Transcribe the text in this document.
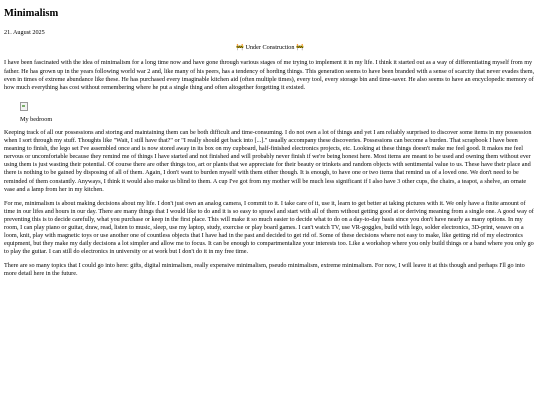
Minimalism
21. August 2025
🚧 Under Construction 🚧

I have been fascinated with the idea of minimalism for a long time now and have gone through various stages of me trying to implement it in my life. I think it started out as a way of differentiating myself from my father. He has grown up in the years following world war 2 and, like many of his peers, has a tendency of hording things. This generation seems to have been branded with a sense of scarcity that never evades them, even in times of extreme abundance like these. He has purchased every imaginable kitchen aid (often multiple times), every tool, every storage bin and time-saver. He also seems to have an encyclopedic memory of how much everything has cost without remembering where he put a single thing and often altogether forgetting it existed.

My bedroom

Keeping track of all our possessions and storing and maintaining them can be both difficult and time-consuming. I do not own a lot of things and yet I am reliably surprised to discover some items in my possession when I sort through my stuff. Thoughts like "Wait, I still have that?" or "I really should get back into [...]." usually accompany these discoveries. Possessions can become a burden. That scrapbook I have been meaning to finish, the lego set I've assembled once and is now stored away in its box on my cupboard, half-finished electronics projects, etc. Looking at these things doesn't make me feel good. It makes me feel nervous or uncomfortable because they remind me of things I have started and not finished and will probably never finish if we're being honest here. Most items are meant to be used and owning them without ever using them is just wasting their potential. Of course there are other things too, art or plants that we appreciate for their beauty or trinkets and random objects with sentimental value to us. These have their place and there is nothing to be gained by disposing of all of them. Again, I don't want to burden myself with them either though. It is enough, to have one or two items that remind us of a loved one. We don't need to be reminded of them constantly. Anyways, I think it would also make us blind to them. A cup I've got from my mother will be much less significant if I also have 3 other cups, the chairs, a teapot, a shelve, an ornate vase and a lamp from her in my kitchen.

For me, minimalism is about making decisions about my life. I don't just own an analog camera, I commit to it. I take care of it, use it, learn to get better at taking pictures with it. We only have a finite amount of time in our lifes and hours in our day. There are many things that I would like to do and it is so easy to sprawl and start with all of them without getting good at or deriving meaning from a single one. A good way of preventing this is to decide carefully, what you purchase or keep in the first place. This will make it so much easier to decide what to do on a day-to-day basis since you don't have nearly as many options. In my room, I can play piano or guitar, draw, read, listen to music, sleep, use my laptop, study, exercise or play board games. I can't watch TV, use VR-goggles, build with lego, solder electronics, 3D-print, weave on a loom, knit, play with magnetic toys or use another one of countless objects that I have had in the past and decided to get rid of. Some of these decisions where not easy to make, like getting rid of my electronics equipment, but they make my daily decisions a lot simpler and allow me to focus. It can be enough to compartmentalize your interests too. Like a workshop where you only build things or a band where you only go to play the guitar. I can still do electronics in university or at work but I don't do it in my free time.

There are so many topics that I could go into here: gifts, digital minimalism, really expensive minimalism, pseudo minimalism, extreme minimalism. For now, I will leave it at this though and perhaps I'll go into more detail here in the future.
